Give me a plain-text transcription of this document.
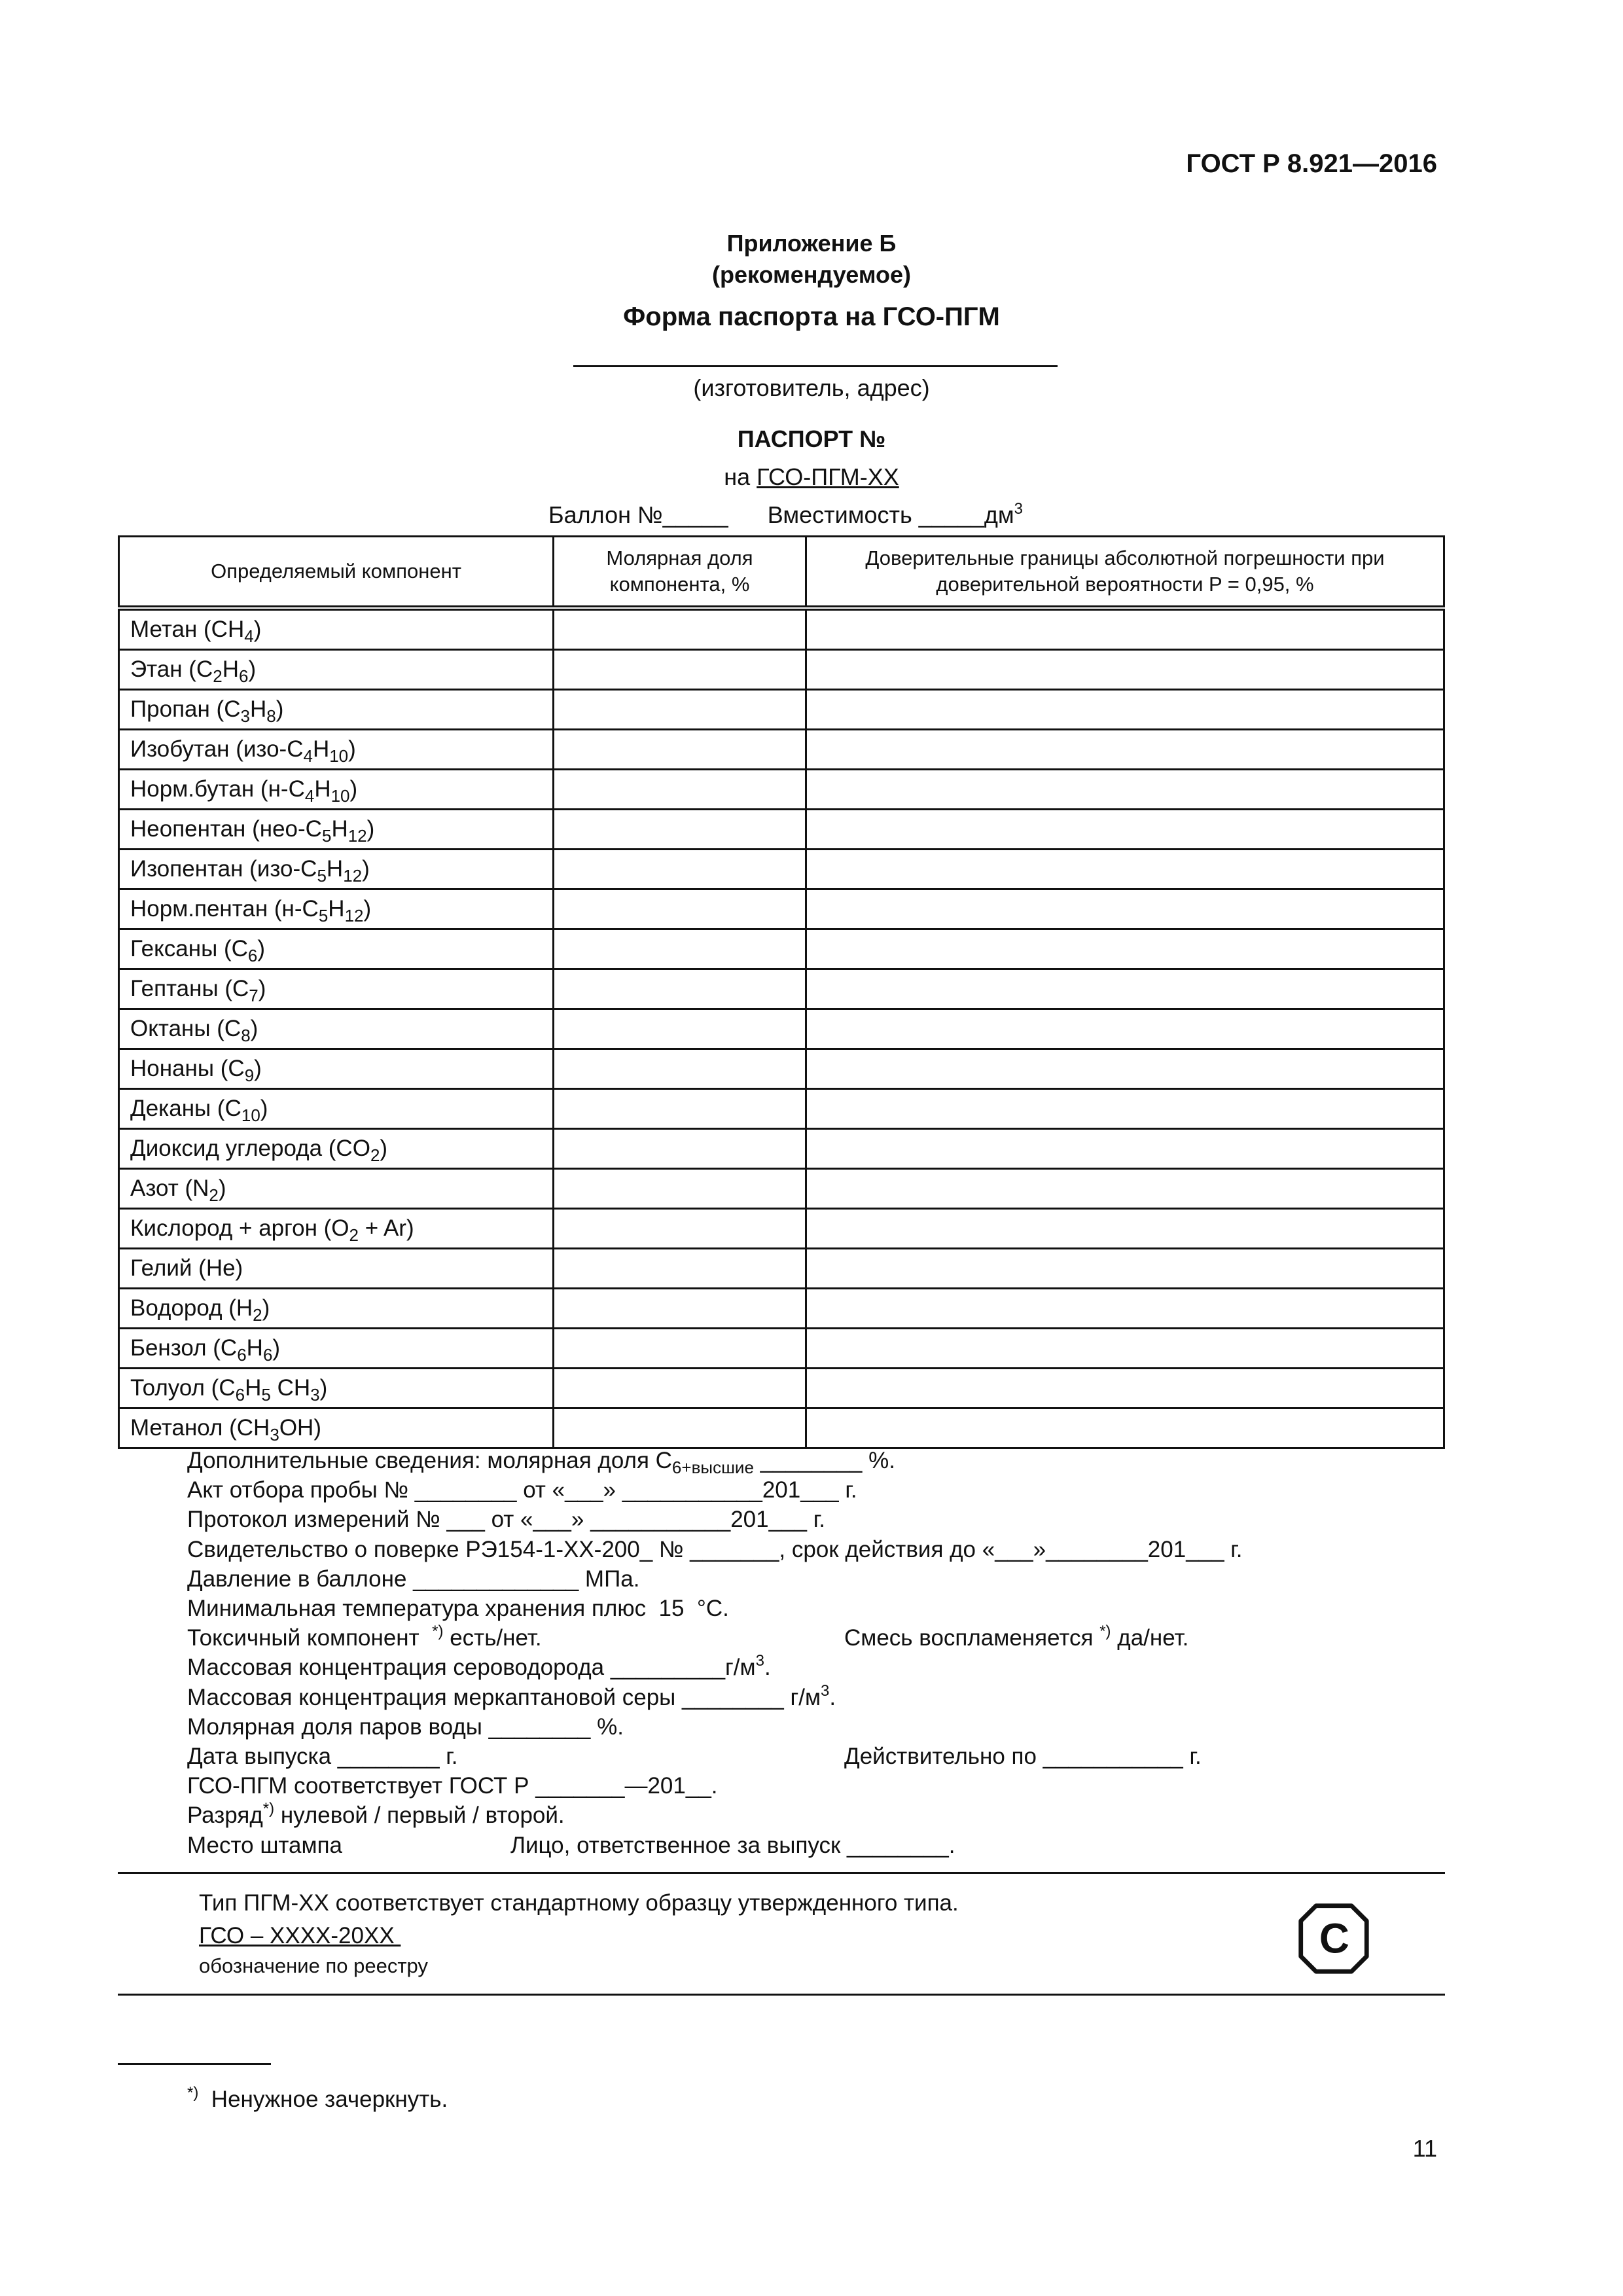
ГОСТ Р 8.921—2016
Приложение Б
(рекомендуемое)
Форма паспорта на ГСО-ПГМ
(изготовитель, адрес)
ПАСПОРТ №
на ГСО-ПГМ-XX
Баллон №_____ Вместимость $\_\_\_\_\_дм^3$
Определяемый компонент	Молярная доля компонента, %	Доверительные границы абсолютной погрешности при доверительной вероятности P = 0,95, %
Метан $(CH_4)$		
Этан $(C_2H_6)$		
Пропан $(C_3H_8)$		
Изобутан $(изо-C_4H_{10})$		
Норм.бутан $(н-C_4H_{10})$		
Неопентан $(нео-C_5H_{12})$		
Изопентан $(изо-C_5H_{12})$		
Норм.пентан $(н-C_5H_{12})$		
Гексаны $(C_6)$		
Гептаны $(C_7)$		
Октаны $(C_8)$		
Нонаны $(C_9)$		
Деканы $(C_{10})$		
Диоксид углерода $(CO_2)$		
Азот $(N_2)$		
Кислород + аргон $(O_2 + Ar)$		
Гелий (He)		
Водород $(H_2)$		
Бензол $(C_6H_6)$		
Толуол ($C_6H_5$ $CH_3$)		
Метанол $(CH_3OH)$		
Дополнительные сведения: молярная доля $С_{6+высшие}$ ________ %.
Акт отбора пробы № ________ от «___» ___________201___ г.
Протокол измерений № ___ от «___» ___________201___ г.
Свидетельство о поверке РЭ154-1-ХХ-200_ № _______, срок действия до «___»________201___ г.
Давление в баллоне _____________ МПа.
Минимальная температура хранения плюс  15  °С.
Токсичный компонент  *) есть/нет.
Массовая концентрация сероводорода $\_\_\_\_\_\_\_\_\_г/м^3$.
Массовая концентрация меркаптановой серы ________ $г/м^3$.
Молярная доля паров воды ________ %.
Дата выпуска ________ г.
ГСО-ПГМ соответствует ГОСТ Р _______—201__.
Разряд*) нулевой / первый / второй.
Место штампа
Смесь воспламеняется *) да/нет.
Действительно по ___________ г.
Лицо, ответственное за выпуск ________.
Тип ПГМ-XX соответствует стандартному образцу утвержденного типа.
ГСО – ХХХХ-20ХХ
обозначение по реестру
С
*)  Ненужное зачеркнуть.
11
